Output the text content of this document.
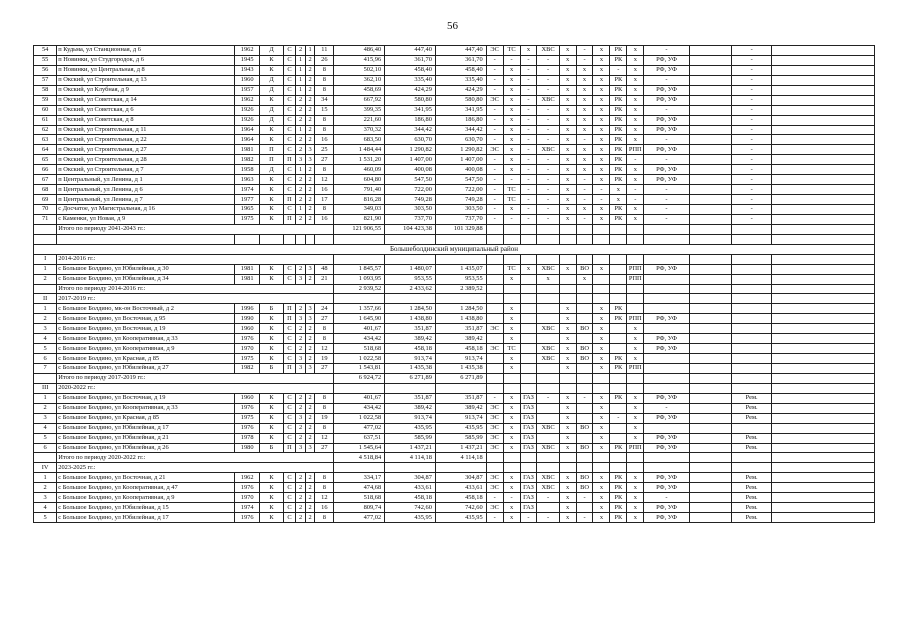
56
54	п Кудьма, ул Станционная, д 6	1962	Д	С	2	1	11	486,40	447,40	447,40	ЭС	ТС	х	ХВС	х	-	х	РК	х	-		-	
55	п Новинки, ул Студгородок, д 6	1945	К	С	1	2	26	415,96	361,70	361,70	-	-	-	-	х	-	х	РК	х	РФ, УФ		-	
56	п Новинки, ул Центральная, д 8	1943	К	С	1	2	8	502,10	458,40	458,40	-	х	-	-	х	х	х	-	х	РФ, УФ		-	
57	п Окский, ул Строительная, д 13	1960	Д	С	1	2	8	362,10	335,40	335,40	-	х	-	-	х	х	х	РК	х	-		-	
58	п Окский, ул Клубная, д 9	1957	Д	С	1	2	8	458,69	424,29	424,29	-	х	-	-	х	х	х	РК	х	РФ, УФ		-	
59	п Окский, ул Советская, д 14	1962	К	С	2	2	34	667,92	580,80	580,80	ЭС	х	-	ХВС	х	х	х	РК	х	РФ, УФ		-	
60	п Окский, ул Советская, д 6	1926	Д	С	2	2	15	399,35	341,95	341,95	-	х	-	-	х	х	х	РК	х	-		-	
61	п Окский, ул Советская, д 8	1926	Д	С	2	2	8	221,60	186,80	186,80	-	х	-	-	х	х	х	РК	х	РФ, УФ		-	
62	п Окский, ул Строительная, д 11	1964	К	С	1	2	8	370,32	344,42	344,42	-	х	-	-	х	х	х	РК	х	РФ, УФ		-	
63	п Окский, ул Строительная, д 22	1964	К	С	2	2	16	683,50	630,70	630,70	-	х	-	-	х	-	х	РК	х	-		-	
64	п Окский, ул Строительная, д 27	1981	П	С	2	3	25	1 484,44	1 290,82	1 290,82	ЭС	х	-	ХВС	х	х	х	РК	РПП	РФ, УФ		-	
65	п Окский, ул Строительная, д 28	1982	П	П	3	3	27	1 531,20	1 407,00	1 407,00	-	х	-	-	х	х	х	РК	-	-		-	
66	п Окский, ул Строительная, д 7	1958	Д	С	1	2	8	460,09	400,08	400,08	-	х	-	-	х	х	х	РК	х	РФ, УФ		-	
67	п Центральный, ул Ленина, д 1	1963	К	С	2	2	12	604,80	547,50	547,50	-	-	-	-	х	-	х	РК	х	РФ, УФ		-	
68	п Центральный, ул Ленина, д 6	1974	К	С	2	2	16	791,40	722,00	722,00	-	ТС	-	-	х	-	-	х	-	-		-	
69	п Центральный, ул Ленина, д 7	1977	К	П	2	2	17	816,28	749,28	749,28	-	ТС	-	-	х	-	-	х	-	-		-	
70	с Досчатое, ул Магистральная, д 16	1965	К	С	1	2	8	349,03	303,50	303,50	-	х	-	-	х	х	х	РК	х	-		-	
71	с Каменки, ул Новая, д 9	1975	К	П	2	2	16	821,90	737,70	737,70	-	-	-	-	х	-	х	РК	х	-		-	
	Итого по периоду 2041-2043 гг.:							121 906,55	104 423,38	101 329,88													

Большеболдинский муниципальный район																							
I	2014-2016 гг.:																						
1	с Большое Болдино, ул Юбилейная, д 30	1981	К	С	2	3	48	1 845,57	1 480,07	1 435,07		ТС	х	ХВС	х	ВО	х		РПП	РФ, УФ			
2	с Большое Болдино, ул Юбилейная, д 34	1981	К	С	3	2	21	1 093,95	953,55	953,55		х		х		х			РПП				
	Итого по периоду 2014-2016 гг.:							2 939,52	2 433,62	2 389,52													
II	2017-2019 гг.:																						
1	с Большое Болдино, мк-он Восточный, д 2	1996	Б	П	2	3	24	1 357,66	1 284,50	1 284,50		х			х		х	РК					
2	с Большое Болдино, ул Восточная, д 95	1990	К	П	3	3	27	1 645,90	1 438,80	1 438,80		х			х		х	РК	РПП	РФ, УФ			
3	с Большое Болдино, ул Восточная, д 19	1960	К	С	2	2	8	401,67	351,87	351,87	ЭС	х		ХВС	х	ВО	х		х				
4	с Большое Болдино, ул Кооперативная, д 33	1976	К	С	2	2	8	434,42	389,42	389,42		х			х		х		х	РФ, УФ			
5	с Большое Болдино, ул Кооперативная, д 9	1970	К	С	2	2	12	518,68	458,18	458,18	ЭС	ТС		ХВС	х	ВО	х		х	РФ, УФ			
6	с Большое Болдино, ул Красная, д 85	1975	К	С	3	2	19	1 022,58	913,74	913,74		х		ХВС	х	ВО	х	РК	х				
7	с Большое Болдино, ул Юбилейная, д 27	1982	Б	П	3	3	27	1 543,81	1 435,38	1 435,38		х			х		х	РК	РПП				
	Итого по периоду 2017-2019 гг.:							6 924,72	6 271,89	6 271,89													
III	2020-2022 гг.:																						
1	с Большое Болдино, ул Восточная, д 19	1960	К	С	2	2	8	401,67	351,87	351,87	-	х	ГАЗ	-	х	-	х	РК	х	РФ, УФ		Рем.	
2	с Большое Болдино, ул Кооперативная, д 33	1976	К	С	2	2	8	434,42	389,42	389,42	ЭС	х	ГАЗ		х		х		х	-		Рем.	
3	с Большое Болдино, ул Красная, д 85	1975	К	С	3	2	19	1 022,58	913,74	913,74	ЭС	х	ГАЗ		х		х	-	х	РФ, УФ		Рем.	
4	с Большое Болдино, ул Юбилейная, д 17	1976	К	С	2	2	8	477,02	435,95	435,95	ЭС	х	ГАЗ	ХВС	х	ВО	х		х				
5	с Большое Болдино, ул Юбилейная, д 21	1978	К	С	2	2	12	637,51	585,99	585,99	ЭС	х	ГАЗ		х		х		х	РФ, УФ		Рем.	
6	с Большое Болдино, ул Юбилейная, д 26	1980	Б	П	3	3	27	1 545,64	1 437,21	1 437,21	ЭС	х	ГАЗ	ХВС	х	ВО	х	РК	РПП	РФ, УФ		Рем.	
	Итого по периоду 2020-2022 гг.:							4 518,84	4 114,18	4 114,18													
IV	2023-2025 гг.:																						
1	с Большое Болдино, ул Восточная, д 21	1962	К	С	2	2	8	334,17	304,87	304,87	ЭС	х	ГАЗ	ХВС	х	ВО	х	РК	х	РФ, УФ		Рем.	
2	с Большое Болдино, ул Кооперативная, д 47	1976	К	С	2	2	8	474,68	433,61	433,61	ЭС	х	ГАЗ	ХВС	х	ВО	х	РК	х	РФ, УФ		Рем.	
3	с Большое Болдино, ул Кооперативная, д 9	1970	К	С	2	2	12	518,68	458,18	458,18	-	-	ГАЗ	-	х	-	х	РК	х	-		Рем.	
4	с Большое Болдино, ул Юбилейная, д 15	1974	К	С	2	2	16	809,74	742,60	742,60	ЭС	х	ГАЗ		х		х	РК	х	РФ, УФ		Рем.	
5	с Большое Болдино, ул Юбилейная, д 17	1976	К	С	2	2	8	477,02	435,95	435,95	-	х	-	-	х	-	х	РК	х	РФ, УФ		Рем.	
